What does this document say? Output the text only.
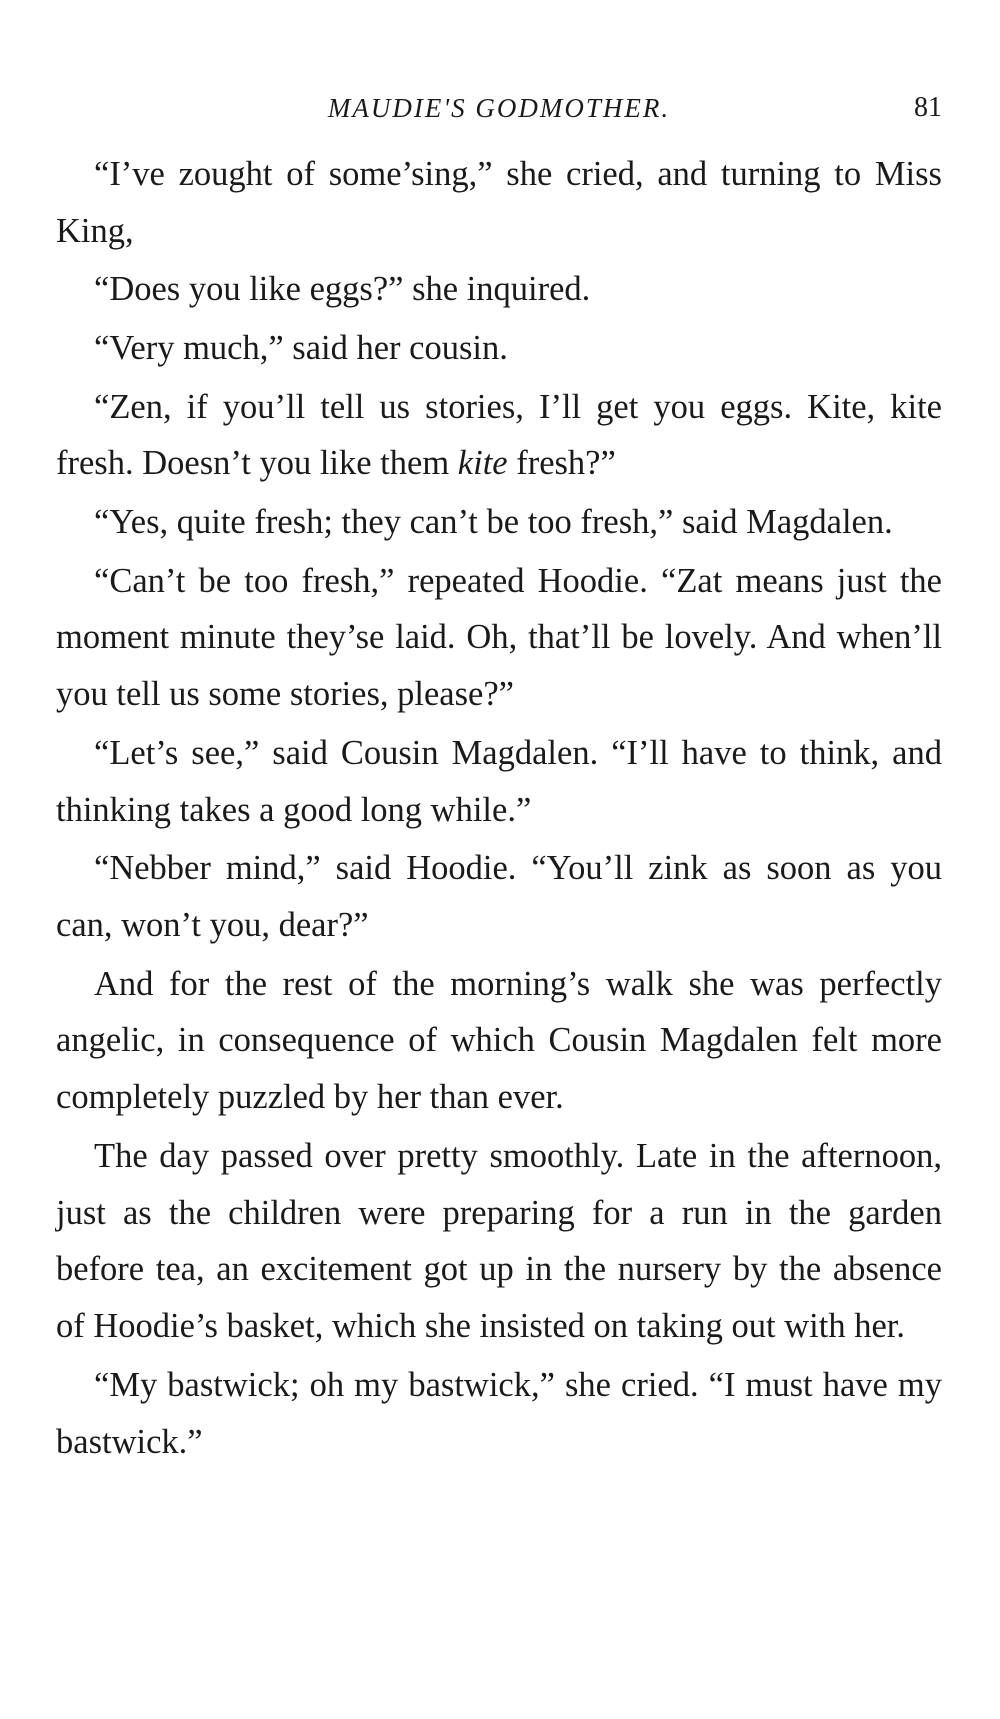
MAUDIE'S GODMOTHER.	81

“I’ve zought of some’sing,” she cried, and turning to Miss King,

“Does you like eggs?” she inquired.

“Very much,” said her cousin.

“Zen, if you’ll tell us stories, I’ll get you eggs. Kite, kite fresh. Doesn’t you like them kite fresh?”

“Yes, quite fresh; they can’t be too fresh,” said Magdalen.

“Can’t be too fresh,” repeated Hoodie. “Zat means just the moment minute they’se laid. Oh, that’ll be lovely. And when’ll you tell us some stories, please?”

“Let’s see,” said Cousin Magdalen. “I’ll have to think, and thinking takes a good long while.”

“Nebber mind,” said Hoodie. “You’ll zink as soon as you can, won’t you, dear?”

And for the rest of the morning’s walk she was perfectly angelic, in consequence of which Cousin Magdalen felt more completely puzzled by her than ever.

The day passed over pretty smoothly. Late in the afternoon, just as the children were preparing for a run in the garden before tea, an excitement got up in the nursery by the absence of Hoodie’s basket, which she insisted on taking out with her.

“My bastwick; oh my bastwick,” she cried. “I must have my bastwick.”
